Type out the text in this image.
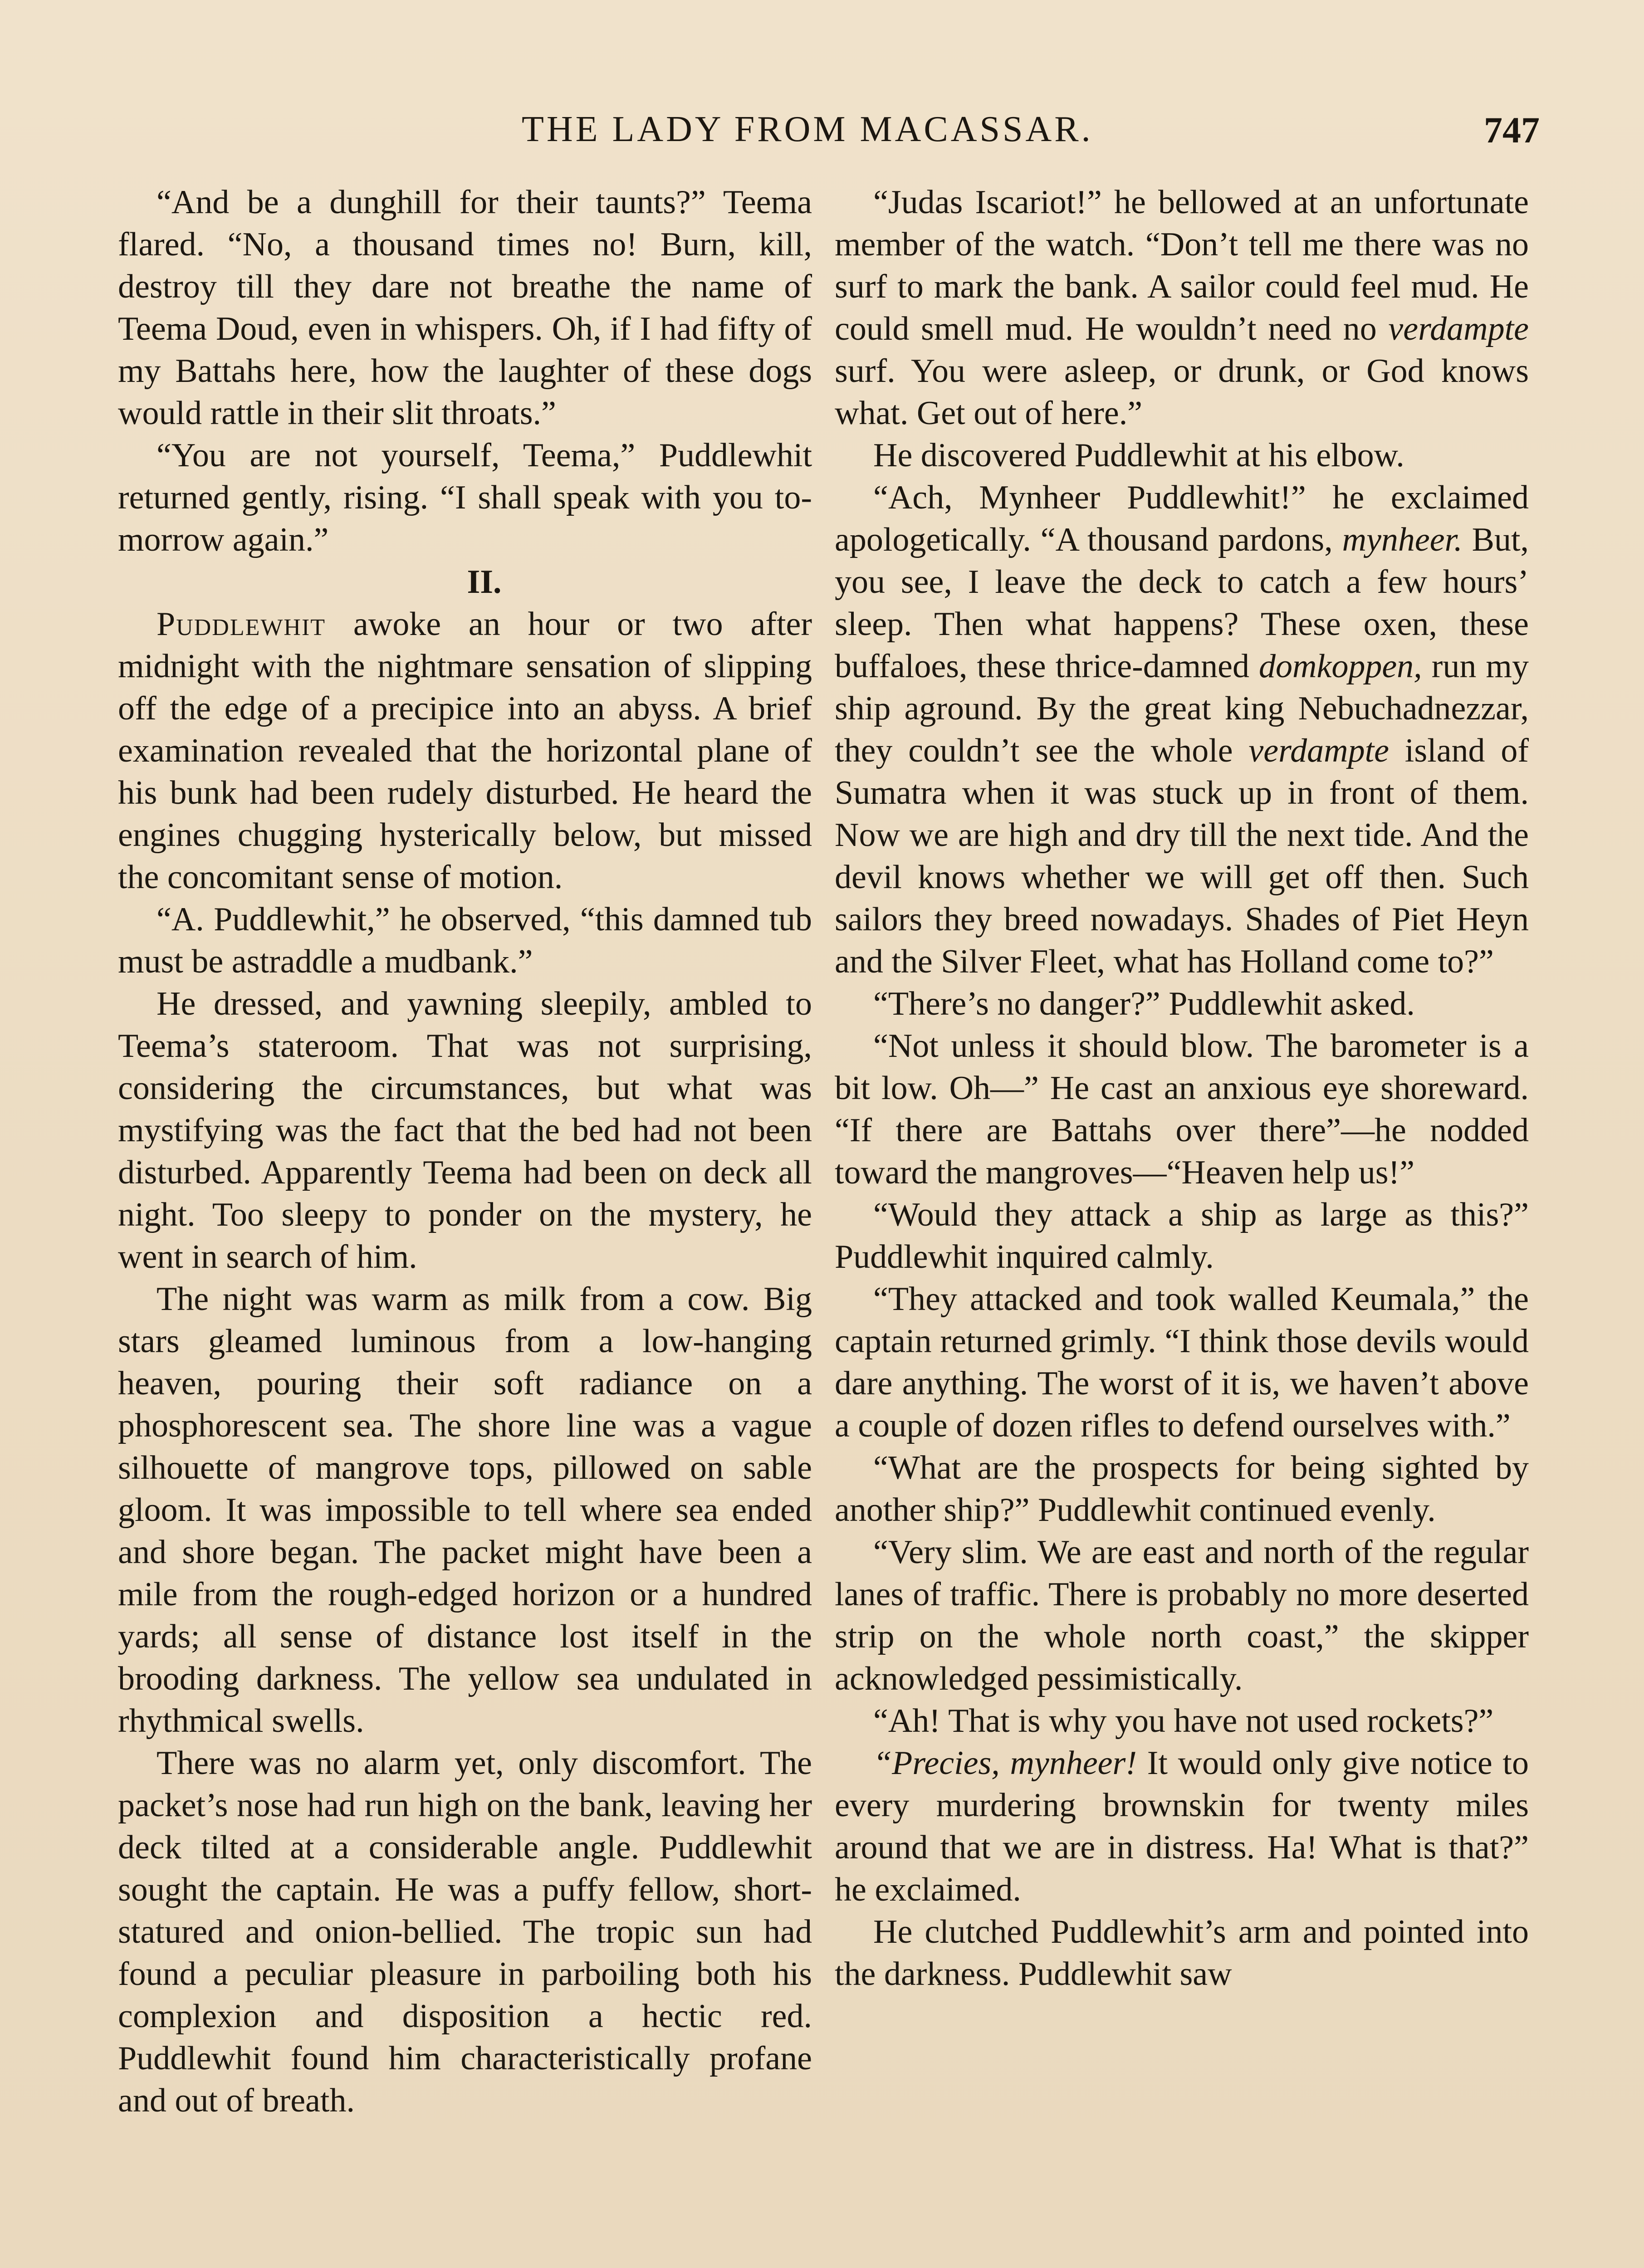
THE LADY FROM MACASSAR.	747

“And be a dunghill for their taunts?” Teema flared. “No, a thousand times no! Burn, kill, destroy till they dare not breathe the name of Teema Doud, even in whispers. Oh, if I had fifty of my Battahs here, how the laughter of these dogs would rattle in their slit throats.”

“You are not yourself, Teema,” Puddlewhit returned gently, rising. “I shall speak with you to-morrow again.”

II.

Puddlewhit awoke an hour or two after midnight with the nightmare sensation of slipping off the edge of a precipice into an abyss. A brief examination revealed that the horizontal plane of his bunk had been rudely disturbed. He heard the engines chugging hysterically below, but missed the concomitant sense of motion.

“A. Puddlewhit,” he observed, “this damned tub must be astraddle a mudbank.”

He dressed, and yawning sleepily, ambled to Teema’s stateroom. That was not surprising, considering the circumstances, but what was mystifying was the fact that the bed had not been disturbed. Apparently Teema had been on deck all night. Too sleepy to ponder on the mystery, he went in search of him.

The night was warm as milk from a cow. Big stars gleamed luminous from a low-hanging heaven, pouring their soft radiance on a phosphorescent sea. The shore line was a vague silhouette of mangrove tops, pillowed on sable gloom. It was impossible to tell where sea ended and shore began. The packet might have been a mile from the rough-edged horizon or a hundred yards; all sense of distance lost itself in the brooding darkness. The yellow sea undulated in rhythmical swells.

There was no alarm yet, only discomfort. The packet’s nose had run high on the bank, leaving her deck tilted at a considerable angle. Puddlewhit sought the captain. He was a puffy fellow, short-statured and onion-bellied. The tropic sun had found a peculiar pleasure in parboiling both his complexion and disposition a hectic red. Puddlewhit found him characteristically profane and out of breath.

“Judas Iscariot!” he bellowed at an unfortunate member of the watch. “Don’t tell me there was no surf to mark the bank. A sailor could feel mud. He could smell mud. He wouldn’t need no verdampte surf. You were asleep, or drunk, or God knows what. Get out of here.”

He discovered Puddlewhit at his elbow.

“Ach, Mynheer Puddlewhit!” he exclaimed apologetically. “A thousand pardons, mynheer. But, you see, I leave the deck to catch a few hours’ sleep. Then what happens? These oxen, these buffaloes, these thrice-damned domkoppen, run my ship aground. By the great king Nebuchadnezzar, they couldn’t see the whole verdampte island of Sumatra when it was stuck up in front of them. Now we are high and dry till the next tide. And the devil knows whether we will get off then. Such sailors they breed nowadays. Shades of Piet Heyn and the Silver Fleet, what has Holland come to?”

“There’s no danger?” Puddlewhit asked.

“Not unless it should blow. The barometer is a bit low. Oh—” He cast an anxious eye shoreward. “If there are Battahs over there”—he nodded toward the mangroves—“Heaven help us!”

“Would they attack a ship as large as this?” Puddlewhit inquired calmly.

“They attacked and took walled Keumala,” the captain returned grimly. “I think those devils would dare anything. The worst of it is, we haven’t above a couple of dozen rifles to defend ourselves with.”

“What are the prospects for being sighted by another ship?” Puddlewhit continued evenly.

“Very slim. We are east and north of the regular lanes of traffic. There is probably no more deserted strip on the whole north coast,” the skipper acknowledged pessimistically.

“Ah! That is why you have not used rockets?”

“Precies, mynheer! It would only give notice to every murdering brownskin for twenty miles around that we are in distress. Ha! What is that?” he exclaimed.

He clutched Puddlewhit’s arm and pointed into the darkness. Puddlewhit saw
